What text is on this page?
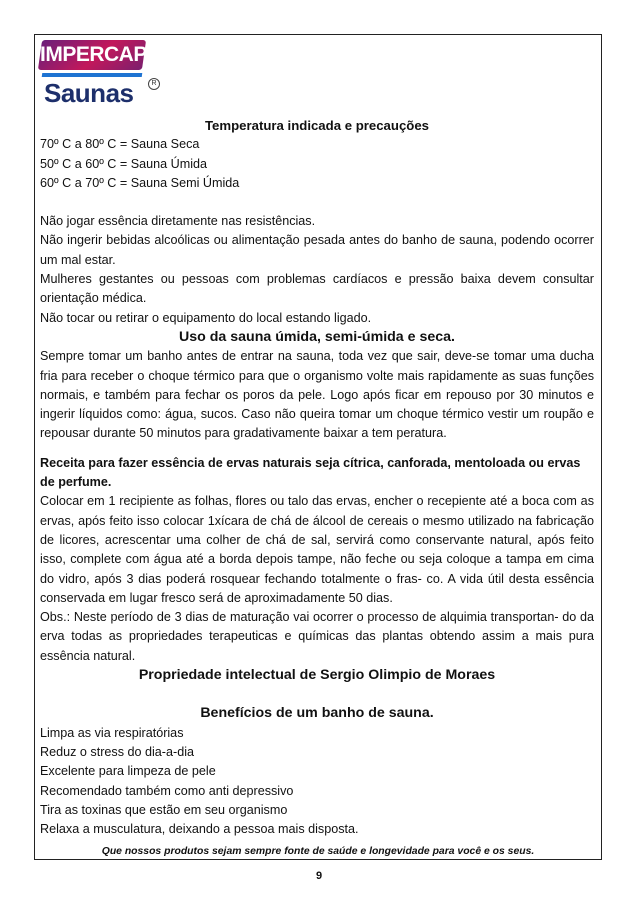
IMPERCAP
Saunas	R

Temperatura indicada e precauções

70º C a 80º C = Sauna Seca

50º C a 60º C = Sauna Úmida

60º C a 70º C = Sauna Semi Úmida

Não jogar essência diretamente nas resistências.

Não ingerir bebidas alcoólicas ou alimentação pesada antes do banho de sauna, podendo ocorrer um mal estar.

Mulheres gestantes ou pessoas com problemas cardíacos e pressão baixa devem consultar orientação médica.

Não tocar ou retirar o equipamento do local estando ligado.

Uso da sauna úmida, semi-úmida e seca.

Sempre tomar um banho antes de entrar na sauna, toda vez que sair, deve-se tomar uma ducha fria para receber o choque térmico para que o organismo volte mais rapidamente as suas funções normais, e também para fechar os poros da pele. Logo após ficar em repouso por 30 minutos e ingerir líquidos como: água, sucos. Caso não queira tomar um choque térmico vestir um roupão e repousar durante 50 minutos para gradativamente baixar a tem peratura.

Receita para fazer essência de ervas naturais seja cítrica, canforada, mentoloada ou ervas de perfume.

Colocar em 1 recipiente as folhas, flores ou talo das ervas, encher o recepiente até a boca com as ervas, após feito isso colocar 1xícara de chá de álcool de cereais o mesmo utilizado na fabricação de licores, acrescentar uma colher de chá de sal, servirá como conservante natural, após feito isso, complete com água até a borda depois tampe, não feche ou seja coloque a tampa em cima do vidro, após 3 dias poderá rosquear fechando totalmente o fras- co. A vida útil desta essência conservada em lugar fresco será de aproximadamente 50 dias.

Obs.: Neste período de 3 dias de maturação vai ocorrer o processo de alquimia transportan- do da erva todas as propriedades terapeuticas e químicas das plantas obtendo assim a mais pura essência natural.

Propriedade intelectual de Sergio Olimpio de Moraes

Benefícios de um banho de sauna.

Limpa as via respiratórias

Reduz o stress do dia-a-dia

Excelente para limpeza de pele

Recomendado também como anti depressivo

Tira as toxinas que estão em seu organismo

Relaxa a musculatura, deixando a pessoa mais disposta.

Que nossos produtos sejam sempre fonte de saúde e longevidade para você e os seus.
9
